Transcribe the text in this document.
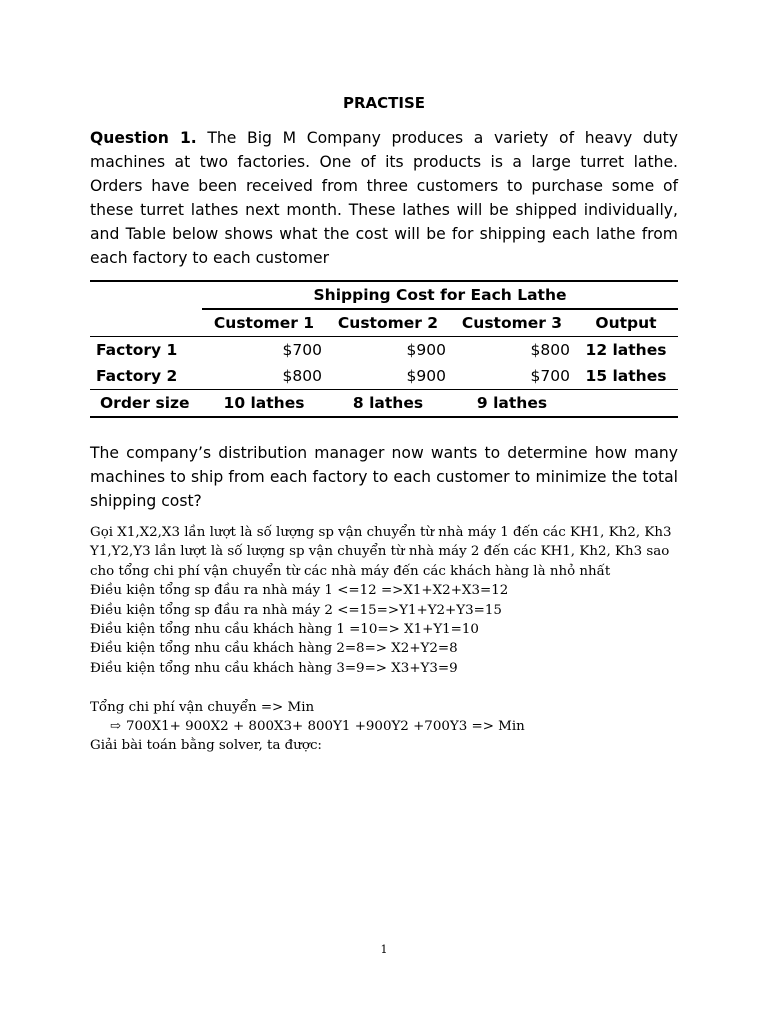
PRACTISE

Question 1. The Big M Company produces a variety of heavy duty machines at two factories. One of its products is a large turret lathe. Orders have been received from three customers to purchase some of these turret lathes next month. These lathes will be shipped individually, and Table below shows what the cost will be for shipping each lathe from each factory to each customer

	Shipping Cost for Each Lathe			
	Customer 1	Customer 2	Customer 3	Output
Factory 1	$700	$900	$800	12 lathes
Factory 2	$800	$900	$700	15 lathes
Order size	10 lathes	8 lathes	9 lathes	

The company’s distribution manager now wants to determine how many machines to ship from each factory to each customer to minimize the total shipping cost?

Gọi X1,X2,X3 lần lượt là số lượng sp vận chuyển từ nhà máy 1 đến các KH1, Kh2, Kh3

Y1,Y2,Y3 lần lượt là số lượng sp vận chuyển từ nhà máy 2 đến các KH1, Kh2, Kh3 sao

cho tổng chi phí vận chuyển từ các nhà máy đến các khách hàng là nhỏ nhất

Điều kiện tổng sp đầu ra nhà máy 1 <=12 =>X1+X2+X3=12

Điều kiện tổng sp đầu ra nhà máy 2 <=15=>Y1+Y2+Y3=15

Điều kiện tổng nhu cầu khách hàng 1 =10=> X1+Y1=10

Điều kiện tổng nhu cầu khách hàng 2=8=> X2+Y2=8

Điều kiện tổng nhu cầu khách hàng 3=9=> X3+Y3=9

Tổng chi phí vận chuyển => Min

⇨ 700X1+ 900X2 + 800X3+ 800Y1 +900Y2 +700Y3 => Min

Giải bài toán bằng solver, ta được:

1
